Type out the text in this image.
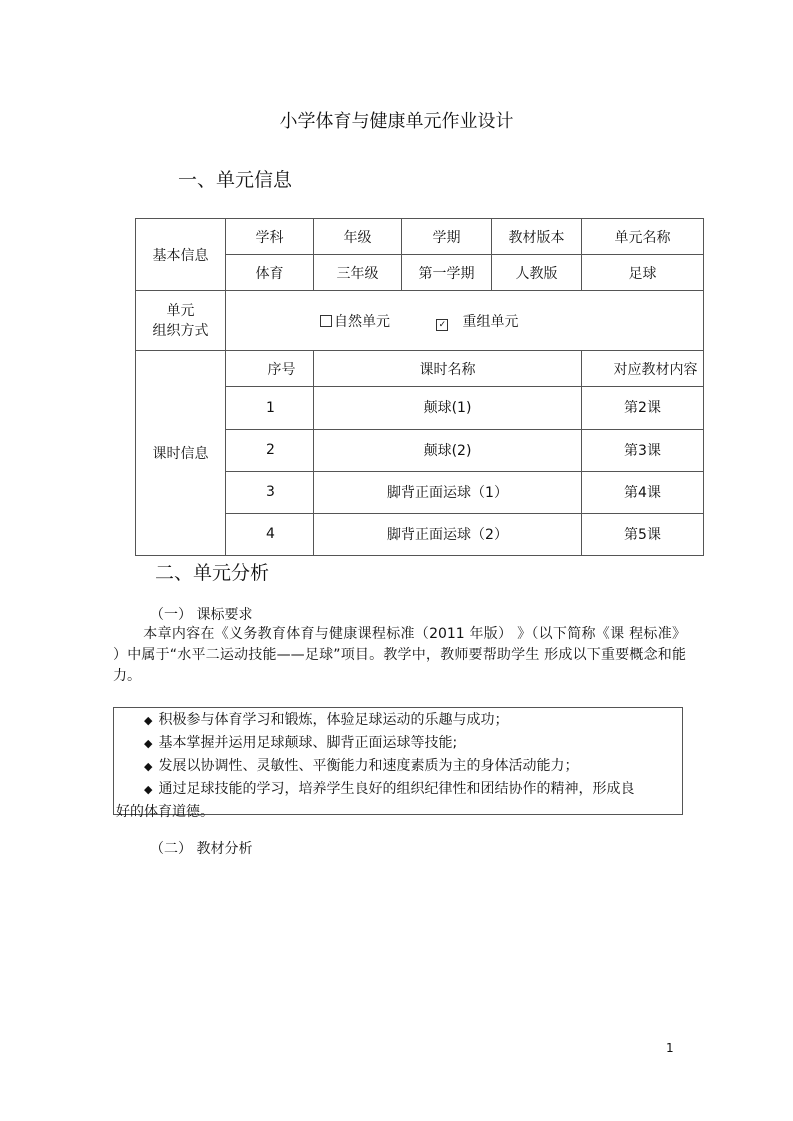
小学体育与健康单元作业设计
一、单元信息
基本信息	学科	年级	学期	教材版本	单元名称
	体育	三年级	第一学期	人教版	足球
单元
组织方式	自然单元 ✓ 重组单元				
课时信息	序号	课时名称			对应教材内容
	1	颠球(1)			第2课
	2	颠球(2)			第3课
	3	脚背正面运球（1）			第4课
	4	脚背正面运球（2）			第5课
二、单元分析
（一） 课标要求
本章内容在《义务教育体育与健康课程标准（2011 年版） 》（以下简称《课 程标准》 ）中属于“水平二运动技能——足球”项目。教学中，教师要帮助学生 形成以下重要概念和能力。
◆ 积极参与体育学习和锻炼，体验足球运动的乐趣与成功；
◆ 基本掌握并运用足球颠球、脚背正面运球等技能;
◆ 发展以协调性、灵敏性、平衡能力和速度素质为主的身体活动能力；
◆ 通过足球技能的学习，培养学生良好的组织纪律性和团结协作的精神，形成良
好的体育道德。
（二） 教材分析
1
